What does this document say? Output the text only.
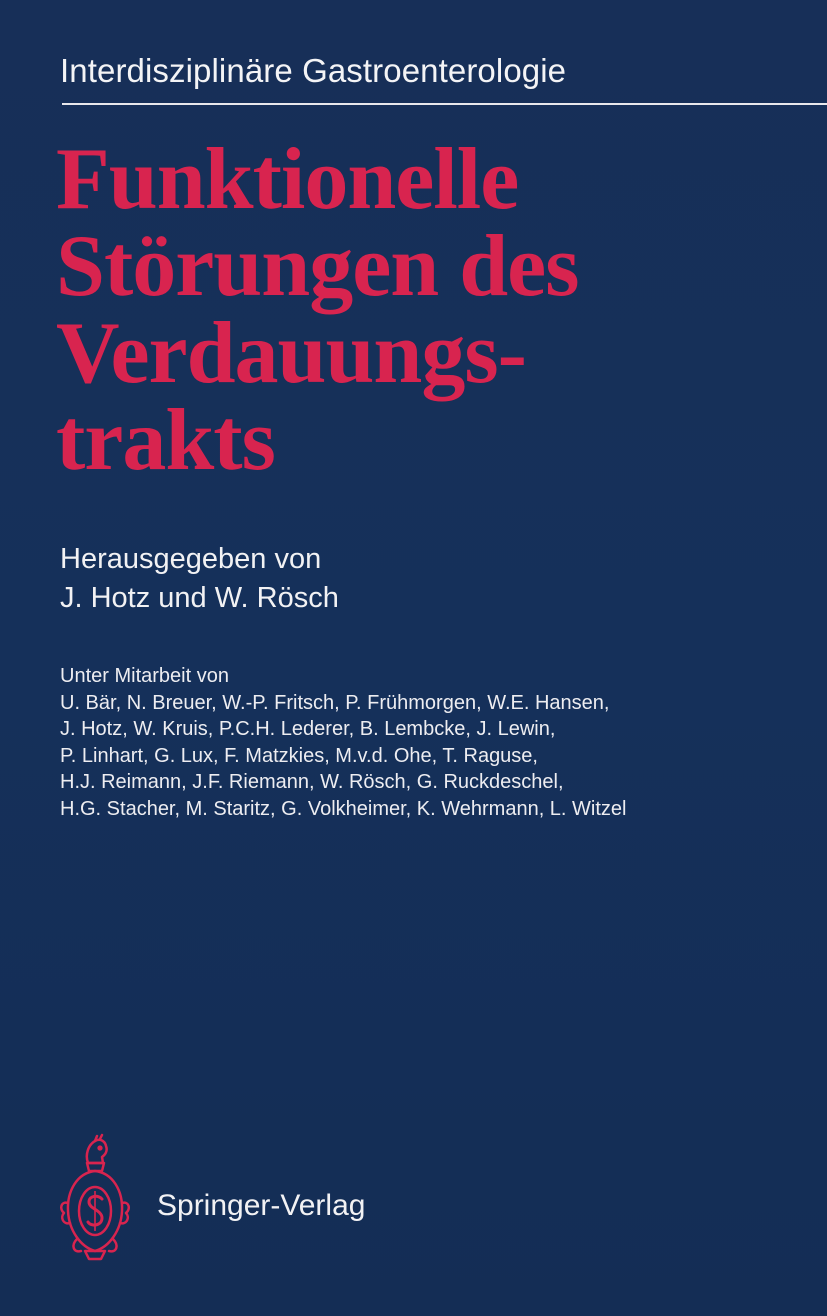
Interdisziplinäre Gastroenterologie
Funktionelle
Störungen des
Verdauungs-
trakts
Herausgegeben von
J. Hotz und W. Rösch
Unter Mitarbeit von
U. Bär, N. Breuer, W.-P. Fritsch, P. Frühmorgen, W.E. Hansen,
J. Hotz, W. Kruis, P.C.H. Lederer, B. Lembcke, J. Lewin,
P. Linhart, G. Lux, F. Matzkies, M.v.d. Ohe, T. Raguse,
H.J. Reimann, J.F. Riemann, W. Rösch, G. Ruckdeschel,
H.G. Stacher, M. Staritz, G. Volkheimer, K. Wehrmann, L. Witzel
Springer-Verlag
